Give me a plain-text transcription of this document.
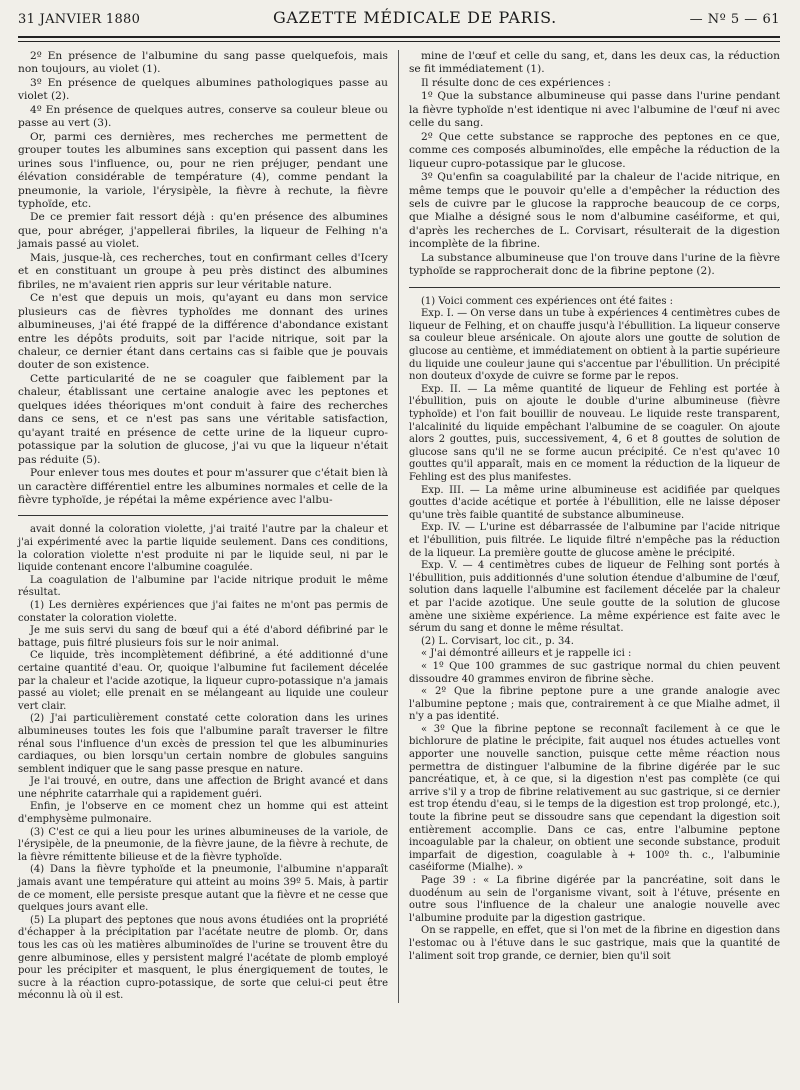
31 JANVIER 1880	GAZETTE MÉDICALE DE PARIS.	— Nº 5 — 61

2º En présence de l'albumine du sang passe quelquefois, mais non toujours, au violet (1).

3º En présence de quelques albumines pathologiques passe au violet (2).

4º En présence de quelques autres, conserve sa couleur bleue ou passe au vert (3).

Or, parmi ces dernières, mes recherches me permettent de grouper toutes les albumines sans exception qui passent dans les urines sous l'influence, ou, pour ne rien préjuger, pendant une élévation considérable de température (4), comme pendant la pneumonie, la variole, l'érysipèle, la fièvre à rechute, la fièvre typhoïde, etc.

De ce premier fait ressort déjà : qu'en présence des albumines que, pour abréger, j'appellerai fibriles, la liqueur de Felhing n'a jamais passé au violet.

Mais, jusque-là, ces recherches, tout en confirmant celles d'Icery et en constituant un groupe à peu près distinct des albumines fibriles, ne m'avaient rien appris sur leur véritable nature.

Ce n'est que depuis un mois, qu'ayant eu dans mon service plusieurs cas de fièvres typhoïdes me donnant des urines albumineuses, j'ai été frappé de la différence d'abondance existant entre les dépôts produits, soit par l'acide nitrique, soit par la chaleur, ce dernier étant dans certains cas si faible que je pouvais douter de son existence.

Cette particularité de ne se coaguler que faiblement par la chaleur, établissant une certaine analogie avec les peptones et quelques idées théoriques m'ont conduit à faire des recherches dans ce sens, et ce n'est pas sans une véritable satisfaction, qu'ayant traité en présence de cette urine de la liqueur cupro-potassique par la solution de glucose, j'ai vu que la liqueur n'était pas réduite (5).

Pour enlever tous mes doutes et pour m'assurer que c'était bien là un caractère différentiel entre les albumines normales et celle de la fièvre typhoïde, je répétai la même expérience avec l'albu-

avait donné la coloration violette, j'ai traité l'autre par la chaleur et j'ai expérimenté avec la partie liquide seulement. Dans ces conditions, la coloration violette n'est produite ni par le liquide seul, ni par le liquide contenant encore l'albumine coagulée.

La coagulation de l'albumine par l'acide nitrique produit le même résultat.

(1) Les dernières expériences que j'ai faites ne m'ont pas permis de constater la coloration violette.

Je me suis servi du sang de bœuf qui a été d'abord défibriné par le battage, puis filtré plusieurs fois sur le noir animal.

Ce liquide, très incomplètement défibriné, a été additionné d'une certaine quantité d'eau. Or, quoique l'albumine fut facilement décelée par la chaleur et l'acide azotique, la liqueur cupro-potassique n'a jamais passé au violet; elle prenait en se mélangeant au liquide une couleur vert clair.

(2) J'ai particulièrement constaté cette coloration dans les urines albumineuses toutes les fois que l'albumine paraît traverser le filtre rénal sous l'influence d'un excès de pression tel que les albuminuries cardiaques, ou bien lorsqu'un certain nombre de globules sanguins semblent indiquer que le sang passe presque en nature.

Je l'ai trouvé, en outre, dans une affection de Bright avancé et dans une néphrite catarrhale qui a rapidement guéri.

Enfin, je l'observe en ce moment chez un homme qui est atteint d'emphysème pulmonaire.

(3) C'est ce qui a lieu pour les urines albumineuses de la variole, de l'érysipèle, de la pneumonie, de la fièvre jaune, de la fièvre à rechute, de la fièvre rémittente bilieuse et de la fièvre typhoïde.

(4) Dans la fièvre typhoïde et la pneumonie, l'albumine n'apparaît jamais avant une température qui atteint au moins 39º 5. Mais, à partir de ce moment, elle persiste presque autant que la fièvre et ne cesse que quelques jours avant elle.

(5) La plupart des peptones que nous avons étudiées ont la propriété d'échapper à la précipitation par l'acétate neutre de plomb. Or, dans tous les cas où les matières albuminoïdes de l'urine se trouvent être du genre albuminose, elles y persistent malgré l'acétate de plomb employé pour les précipiter et masquent, le plus énergiquement de toutes, le sucre à la réaction cupro-potassique, de sorte que celui-ci peut être méconnu là où il est.

mine de l'œuf et celle du sang, et, dans les deux cas, la réduction se fit immédiatement (1).

Il résulte donc de ces expériences :

1º Que la substance albumineuse qui passe dans l'urine pendant la fièvre typhoïde n'est identique ni avec l'albumine de l'œuf ni avec celle du sang.

2º Que cette substance se rapproche des peptones en ce que, comme ces composés albuminoïdes, elle empêche la réduction de la liqueur cupro-potassique par le glucose.

3º Qu'enfin sa coagulabilité par la chaleur de l'acide nitrique, en même temps que le pouvoir qu'elle a d'empêcher la réduction des sels de cuivre par le glucose la rapproche beaucoup de ce corps, que Mialhe a désigné sous le nom d'albumine caséiforme, et qui, d'après les recherches de L. Corvisart, résulterait de la digestion incomplète de la fibrine.

La substance albumineuse que l'on trouve dans l'urine de la fièvre typhoïde se rapprocherait donc de la fibrine peptone (2).

(1) Voici comment ces expériences ont été faites :

Exp. I. — On verse dans un tube à expériences 4 centimètres cubes de liqueur de Felhing, et on chauffe jusqu'à l'ébullition. La liqueur conserve sa couleur bleue arsénicale. On ajoute alors une goutte de solution de glucose au centième, et immédiatement on obtient à la partie supérieure du liquide une couleur jaune qui s'accentue par l'ébullition. Un précipité non douteux d'oxyde de cuivre se forme par le repos.

Exp. II. — La même quantité de liqueur de Fehling est portée à l'ébullition, puis on ajoute le double d'urine albumineuse (fièvre typhoïde) et l'on fait bouillir de nouveau. Le liquide reste transparent, l'alcalinité du liquide empêchant l'albumine de se coaguler. On ajoute alors 2 gouttes, puis, successivement, 4, 6 et 8 gouttes de solution de glucose sans qu'il ne se forme aucun précipité. Ce n'est qu'avec 10 gouttes qu'il apparaît, mais en ce moment la réduction de la liqueur de Fehling est des plus manifestes.

Exp. III. — La même urine albumineuse est acidifiée par quelques gouttes d'acide acétique et portée à l'ébullition, elle ne laisse déposer qu'une très faible quantité de substance albumineuse.

Exp. IV. — L'urine est débarrassée de l'albumine par l'acide nitrique et l'ébullition, puis filtrée. Le liquide filtré n'empêche pas la réduction de la liqueur. La première goutte de glucose amène le précipité.

Exp. V. — 4 centimètres cubes de liqueur de Felhing sont portés à l'ébullition, puis additionnés d'une solution étendue d'albumine de l'œuf, solution dans laquelle l'albumine est facilement décelée par la chaleur et par l'acide azotique. Une seule goutte de la solution de glucose amène une sixième expérience. La même expérience est faite avec le sérum du sang et donne le même résultat.

(2) L. Corvisart, loc cit., p. 34.

« J'ai démontré ailleurs et je rappelle ici :

« 1º Que 100 grammes de suc gastrique normal du chien peuvent dissoudre 40 grammes environ de fibrine sèche.

« 2º Que la fibrine peptone pure a une grande analogie avec l'albumine peptone ; mais que, contrairement à ce que Mialhe admet, il n'y a pas identité.

« 3º Que la fibrine peptone se reconnaît facilement à ce que le bichlorure de platine le précipite, fait auquel nos études actuelles vont apporter une nouvelle sanction, puisque cette même réaction nous permettra de distinguer l'albumine de la fibrine digérée par le suc pancréatique, et, à ce que, si la digestion n'est pas complète (ce qui arrive s'il y a trop de fibrine relativement au suc gastrique, si ce dernier est trop étendu d'eau, si le temps de la digestion est trop prolongé, etc.), toute la fibrine peut se dissoudre sans que cependant la digestion soit entièrement accomplie. Dans ce cas, entre l'albumine peptone incoagulable par la chaleur, on obtient une seconde substance, produit imparfait de digestion, coagulable à + 100º th. c., l'albuminie caséiforme (Mialhe). »

Page 39 : « La fibrine digérée par la pancréatine, soit dans le duodénum au sein de l'organisme vivant, soit à l'étuve, présente en outre sous l'influence de la chaleur une analogie nouvelle avec l'albumine produite par la digestion gastrique.

On se rappelle, en effet, que si l'on met de la fibrine en digestion dans l'estomac ou à l'étuve dans le suc gastrique, mais que la quantité de l'aliment soit trop grande, ce dernier, bien qu'il soit
